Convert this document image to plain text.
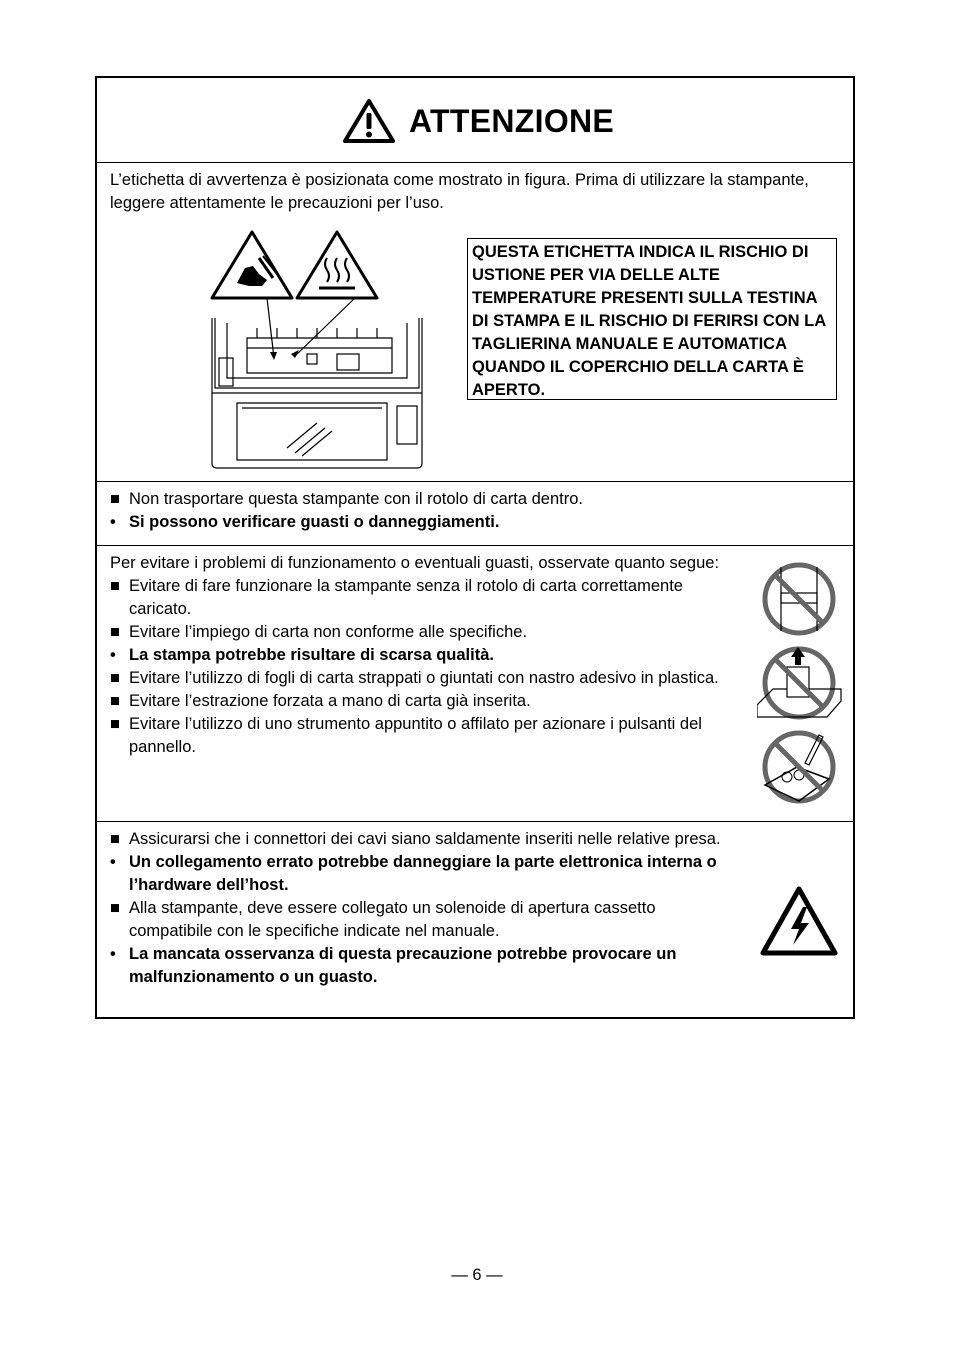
ATTENZIONE
L’etichetta di avvertenza è posizionata come mostrato in figura. Prima di utilizzare la stampante, leggere attentamente le precauzioni per l’uso.
QUESTA ETICHETTA INDICA IL RISCHIO DI USTIONE PER VIA DELLE ALTE TEMPERATURE PRESENTI SULLA TESTINA DI STAMPA E IL RISCHIO DI FERIRSI CON LA TAGLIERINA MANUALE E AUTOMATICA QUANDO IL COPERCHIO DELLA CARTA È APERTO.
■ Non trasportare questa stampante con il rotolo di carta dentro.
• Si possono verificare guasti o danneggiamenti.
Per evitare i problemi di funzionamento o eventuali guasti, osservate quanto segue:
■ Evitare di fare funzionare la stampante senza il rotolo di carta correttamente caricato.
■ Evitare l’impiego di carta non conforme alle specifiche.
• La stampa potrebbe risultare di scarsa qualità.
■ Evitare l’utilizzo di fogli di carta strappati o giuntati con nastro adesivo in plastica.
■ Evitare l’estrazione forzata a mano di carta già inserita.
■ Evitare l’utilizzo di uno strumento appuntito o affilato per azionare i pulsanti del pannello.
■ Assicurarsi che i connettori dei cavi siano saldamente inseriti nelle relative presa.
• Un collegamento errato potrebbe danneggiare la parte elettronica interna o l’hardware dell’host.
■ Alla stampante, deve essere collegato un solenoide di apertura cassetto compatibile con le specifiche indicate nel manuale.
• La mancata osservanza di questa precauzione potrebbe provocare un malfunzionamento o un guasto.
— 6 —
